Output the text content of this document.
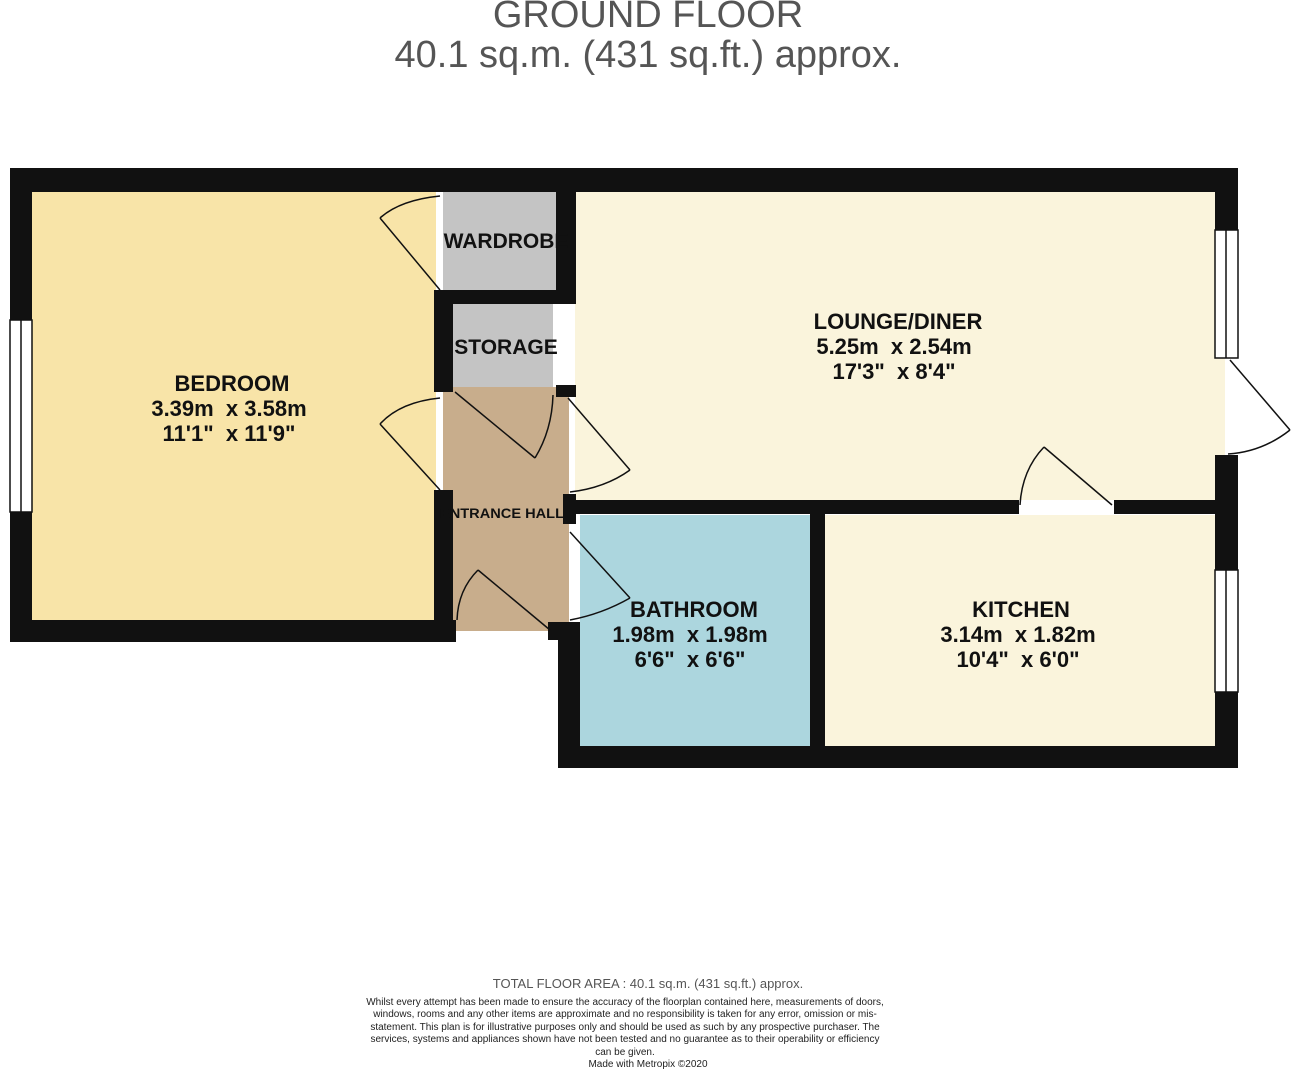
GROUND FLOOR
40.1 sq.m. (431 sq.ft.) approx.
BEDROOM
3.39m  x 3.58m
11'1"  x 11'9"
WARDROBE
STORAGE
LOUNGE/DINER
5.25m  x 2.54m
17'3"  x 8'4"
ENTRANCE HALL
BATHROOM
1.98m  x 1.98m
6'6"  x 6'6"
KITCHEN
3.14m  x 1.82m
10'4"  x 6'0"
TOTAL FLOOR AREA : 40.1 sq.m. (431 sq.ft.) approx.
Whilst every attempt has been made to ensure the accuracy of the floorplan contained here, measurements of doors, windows, rooms and any other items are approximate and no responsibility is taken for any error, omission or mis-statement. This plan is for illustrative purposes only and should be used as such by any prospective purchaser. The services, systems and appliances shown have not been tested and no guarantee as to their operability or efficiency can be given.
Made with Metropix ©2020
